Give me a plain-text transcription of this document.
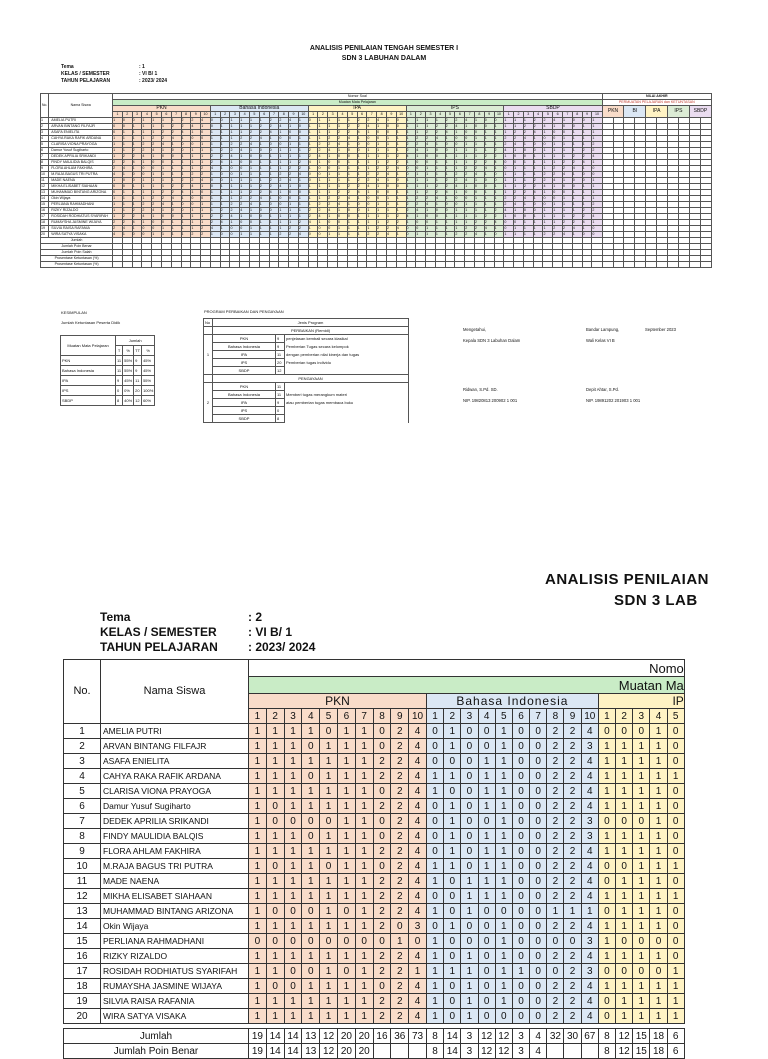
ANALISIS PENILAIAN TENGAH SEMESTER I
SDN 3 LABUHAN DALAM
Tema	: 1
KELAS / SEMESTER	: VI B/ 1
TAHUN PELAJARAN	: 2023/ 2024
No.	Nama Siswa	Nomor Soal																																																		NILAI AKHIR									
		Muatan Mata Pelajaran																																																		PERMUATAN PELAJARAN dan KETUNTASAN									
		PKN										Bahasa Indonesia										IPA										IPS										SBDP										PKN		BI		IPA		IPS		SBDP	
		1	2	3	4	5	6	7	8	9	10	1	2	3	4	5	6	7	8	9	10	1	2	3	4	5	6	7	8	9	10	1	2	3	4	5	6	7	8	9	10	1	2	3	4	5	6	7	8	9	10										
1	AMELIA PUTRI	1	0	0	1	1	1	1	2	2	4	0	0	1	1	1	1	2	2	4	1	0	1	1	1	1	2	2	4	1	0	1	1	1	1	2	2	4	1	0	0	1	1	1	2	2	4	1	0	0	1										
2	ARVAN BINTANG FILFAJR	0	0	1	1	1	1	2	2	4	1	0	1	1	1	1	2	2	4	1	0	1	1	1	1	2	2	4	1	0	0	1	1	1	2	2	4	1	0	0	1	1	1	2	2	4	1	0	0	1	1										
3	ASAFA ENIELITA	0	1	1	1	1	2	2	4	1	0	1	1	1	1	2	2	4	1	0	0	1	1	1	2	2	4	1	0	0	1	1	1	2	2	4	1	0	0	1	1	1	2	2	4	1	0	0	1	1	1										
4	CAHYA RAKA RAFIK ARDANA	1	1	1	1	2	2	4	1	0	0	1	1	1	2	2	4	1	0	0	1	1	1	2	2	4	1	0	0	1	1	1	2	2	4	1	0	0	1	1	1	2	2	4	1	0	0	1	1	1	1										
5	CLARISA VIONA PRAYOGA	1	1	1	2	2	4	1	0	0	1	1	1	2	2	4	1	0	0	1	1	1	2	2	4	1	0	0	1	1	1	2	2	4	1	0	0	1	1	1	1	2	4	1	0	0	1	1	1	1	2										
6	Damur Yusuf Sugiharto	1	1	2	2	4	1	0	0	1	1	1	2	2	4	1	0	0	1	1	1	2	2	4	1	0	0	1	1	1	1	2	4	1	0	0	1	1	1	1	2	4	1	0	0	1	1	1	1	2	2										
7	DEDEK APRILIA SRIKANDI	1	2	2	4	1	0	0	1	1	1	2	2	4	1	0	0	1	1	1	1	2	4	1	0	0	1	1	1	1	2	4	1	0	0	1	1	1	1	2	2	1	0	0	1	1	1	1	2	2	4										
8	FINDY MAULIDIA BALQIS	2	2	4	1	0	0	1	1	1	1	2	4	1	0	0	1	1	1	1	2	4	1	0	0	1	1	1	1	2	2	1	0	0	1	1	1	1	2	2	4	0	0	1	1	1	1	2	2	4	1										
9	FLORA AHLAM FAKHIRA	2	4	1	0	0	1	1	1	1	2	4	1	0	0	1	1	1	1	2	2	1	0	0	1	1	1	1	2	2	4	0	0	1	1	1	1	2	2	4	1	0	1	1	1	1	2	2	4	1	0										
10	M.RAJA BAGUS TRI PUTRA	4	1	0	0	1	1	1	1	2	2	1	0	0	1	1	1	1	2	2	4	0	0	1	1	1	1	2	2	4	1	0	1	1	1	1	2	2	4	1	0	1	1	1	1	2	2	4	1	0	0										
11	MADE NAENA	1	0	0	1	1	1	1	2	2	4	0	0	1	1	1	1	2	2	4	1	0	1	1	1	1	2	2	4	1	0	1	1	1	1	2	2	4	1	0	0	1	1	1	2	2	4	1	0	0	1										
12	MIKHA ELISABET SIAHAAN	0	0	1	1	1	1	2	2	4	1	0	1	1	1	1	2	2	4	1	0	1	1	1	1	2	2	4	1	0	0	1	1	1	2	2	4	1	0	0	1	1	1	2	2	4	1	0	0	1	1										
13	MUHAMMAD BINTANG ARIZONA	0	1	1	1	1	2	2	4	1	0	1	1	1	1	2	2	4	1	0	0	1	1	1	2	2	4	1	0	0	1	1	1	2	2	4	1	0	0	1	1	1	2	2	4	1	0	0	1	1	1										
14	Okin Wijaya	1	1	1	1	2	2	4	1	0	0	1	1	1	2	2	4	1	0	0	1	1	1	2	2	4	1	0	0	1	1	1	2	2	4	1	0	0	1	1	1	2	2	4	1	0	0	1	1	1	1										
15	PERLIANA RAHMADHANI	1	1	1	2	2	4	1	0	0	1	1	1	2	2	4	1	0	0	1	1	1	2	2	4	1	0	0	1	1	1	2	2	4	1	0	0	1	1	1	1	2	4	1	0	0	1	1	1	1	2										
16	RIZKY RIZALDO	1	1	2	2	4	1	0	0	1	1	1	2	2	4	1	0	0	1	1	1	2	2	4	1	0	0	1	1	1	1	2	4	1	0	0	1	1	1	1	2	4	1	0	0	1	1	1	1	2	2										
17	ROSIDAH RODHIATUS SYARIFAH	1	2	2	4	1	0	0	1	1	1	2	2	4	1	0	0	1	1	1	1	2	4	1	0	0	1	1	1	1	2	4	1	0	0	1	1	1	1	2	2	1	0	0	1	1	1	1	2	2	4										
18	RUMAYSHA JASMINE WIJAYA	2	2	4	1	0	0	1	1	1	1	2	4	1	0	0	1	1	1	1	2	4	1	0	0	1	1	1	1	2	2	1	0	0	1	1	1	1	2	2	4	0	0	1	1	1	1	2	2	4	1										
19	SILVIA RAISA RAFANIA	2	4	1	0	0	1	1	1	1	2	4	1	0	0	1	1	1	1	2	2	1	0	0	1	1	1	1	2	2	4	0	0	1	1	1	1	2	2	4	1	0	1	1	1	1	2	2	4	1	0										
20	WIRA SATYA VISAKA	4	1	0	0	1	1	1	1	2	2	1	0	0	1	1	1	1	2	2	4	0	0	1	1	1	1	2	2	4	1	0	1	1	1	1	2	2	4	1	0	1	1	1	1	2	2	4	1	0	0										
Jumlah																																																													
Jumlah Poin Benar																																																													
Jumlah Poin Salah																																																													
Prosentase Ketuntasan (%)																																																													
Prosentase Ketuntasan (%)																																																													
KESIMPULAN
Jumlah Ketuntasan Peserta Didik
Muatan Mata Pelajaran	Jumlah			
	T	%	TT	%
PKN	11	55%	9	45%
Bahasa Indonesia	11	55%	9	45%
IPA	9	45%	11	55%
IPS	0	0%	20	100%
SBDP	8	40%	12	60%
PROGRAM PERBAIKAN DAN PENGAYAAN
No	Jenis Program		
	PERBAIKAN (Remidi)		
1	PKN	9	penjelasan kembali secara klasikal
	Bahasa Indonesia	9	Pemberian Tugas secara kelompok
	IPA	11	dengan pemberian nilai kinerja dan tugas
	IPS	20	Pemberian tugas individu
	SBDP	12	
	PENGAYAAN		
2	PKN	11	
	Bahasa Indonesia	11	Memberi tugas merangkum materi
	IPA	9	atau pemberian tugas membaca buku
	IPS	0	
	SBDP	8	
Mengetahui,
Kepala SDN 3 Labuhan Dalam
Ridwan, S.Pd. SD.
NIP. 19820813 200902 1 001
Bandar Lampung,	September 2023
Wali Kelas VI B
Depit Ahtar, S.Pd.
NIP. 19891202 201903 1 001
ANALISIS PENILAIAN
SDN 3 LAB
Tema	: 2
KELAS / SEMESTER	: VI B/ 1
TAHUN PELAJARAN	: 2023/ 2024
No.	Nama Siswa	Nomo																								
		Muatan Ma																								
		PKN										Bahasa Indonesia										IP				
		1	2	3	4	5	6	7	8	9	10	1	2	3	4	5	6	7	8	9	10	1	2	3	4	5
1	AMELIA PUTRI	1	1	1	1	0	1	1	0	2	4	0	1	0	0	1	0	0	2	2	4	0	0	0	1	0
2	ARVAN BINTANG FILFAJR	1	1	1	0	1	1	1	0	2	4	0	1	0	0	1	0	0	2	2	3	1	1	1	1	0
3	ASAFA ENIELITA	1	1	1	1	1	1	1	2	2	4	0	0	0	1	1	0	0	2	2	4	1	1	1	1	0
4	CAHYA RAKA RAFIK ARDANA	1	1	1	0	1	1	1	2	2	4	1	1	0	1	1	0	0	2	2	4	1	1	1	1	1
5	CLARISA VIONA PRAYOGA	1	1	1	1	1	1	1	0	2	4	1	0	0	1	1	0	0	2	2	4	1	1	1	1	0
6	Damur Yusuf Sugiharto	1	0	1	1	1	1	1	2	2	4	0	1	0	1	1	0	0	2	2	4	1	1	1	1	0
7	DEDEK APRILIA SRIKANDI	1	0	0	0	0	1	1	0	2	4	0	1	0	0	1	0	0	2	2	3	0	0	0	1	0
8	FINDY MAULIDIA BALQIS	1	1	1	0	1	1	1	0	2	4	0	1	0	1	1	0	0	2	2	3	1	1	1	1	0
9	FLORA AHLAM FAKHIRA	1	1	1	1	1	1	1	2	2	4	0	1	0	1	1	0	0	2	2	4	1	1	1	1	0
10	M.RAJA BAGUS TRI PUTRA	1	0	1	1	0	1	1	0	2	4	1	1	0	1	1	0	0	2	2	4	0	0	1	1	1
11	MADE NAENA	1	1	1	1	1	1	1	2	2	4	1	0	1	1	1	0	0	2	2	4	0	1	1	1	0
12	MIKHA ELISABET SIAHAAN	1	1	1	1	1	1	1	2	2	4	0	0	1	1	1	0	0	2	2	4	1	1	1	1	1
13	MUHAMMAD BINTANG ARIZONA	1	0	0	0	1	0	1	2	2	4	1	0	1	0	0	0	0	1	1	1	0	1	1	1	0
14	Okin Wijaya	1	1	1	1	1	1	1	2	0	3	0	1	0	0	1	0	0	2	2	4	1	1	1	1	0
15	PERLIANA RAHMADHANI	0	0	0	0	0	0	0	0	1	0	1	0	0	0	1	0	0	0	0	3	1	0	0	0	0
16	RIZKY RIZALDO	1	1	1	1	1	1	1	2	2	4	1	0	1	0	1	0	0	2	2	4	1	1	1	1	0
17	ROSIDAH RODHIATUS SYARIFAH	1	1	0	0	1	0	1	2	2	1	1	1	1	0	1	1	0	0	2	3	0	0	0	0	1
18	RUMAYSHA JASMINE WIJAYA	1	0	0	1	1	1	1	0	2	4	1	0	1	0	1	0	0	2	2	4	1	1	1	1	1
19	SILVIA RAISA RAFANIA	1	1	1	1	1	1	1	2	2	4	1	0	1	0	1	0	0	2	2	4	0	1	1	1	1
20	WIRA SATYA VISAKA	1	1	1	1	1	1	1	2	2	4	1	0	1	0	0	0	0	2	2	4	0	1	1	1	1

Jumlah		19	14	14	13	12	20	20	16	36	73	8	14	3	12	12	3	4	32	30	67	8	12	15	18	6
Jumlah Poin Benar		19	14	14	13	12	20	20				8	14	3	12	12	3	4				8	12	15	18	6
